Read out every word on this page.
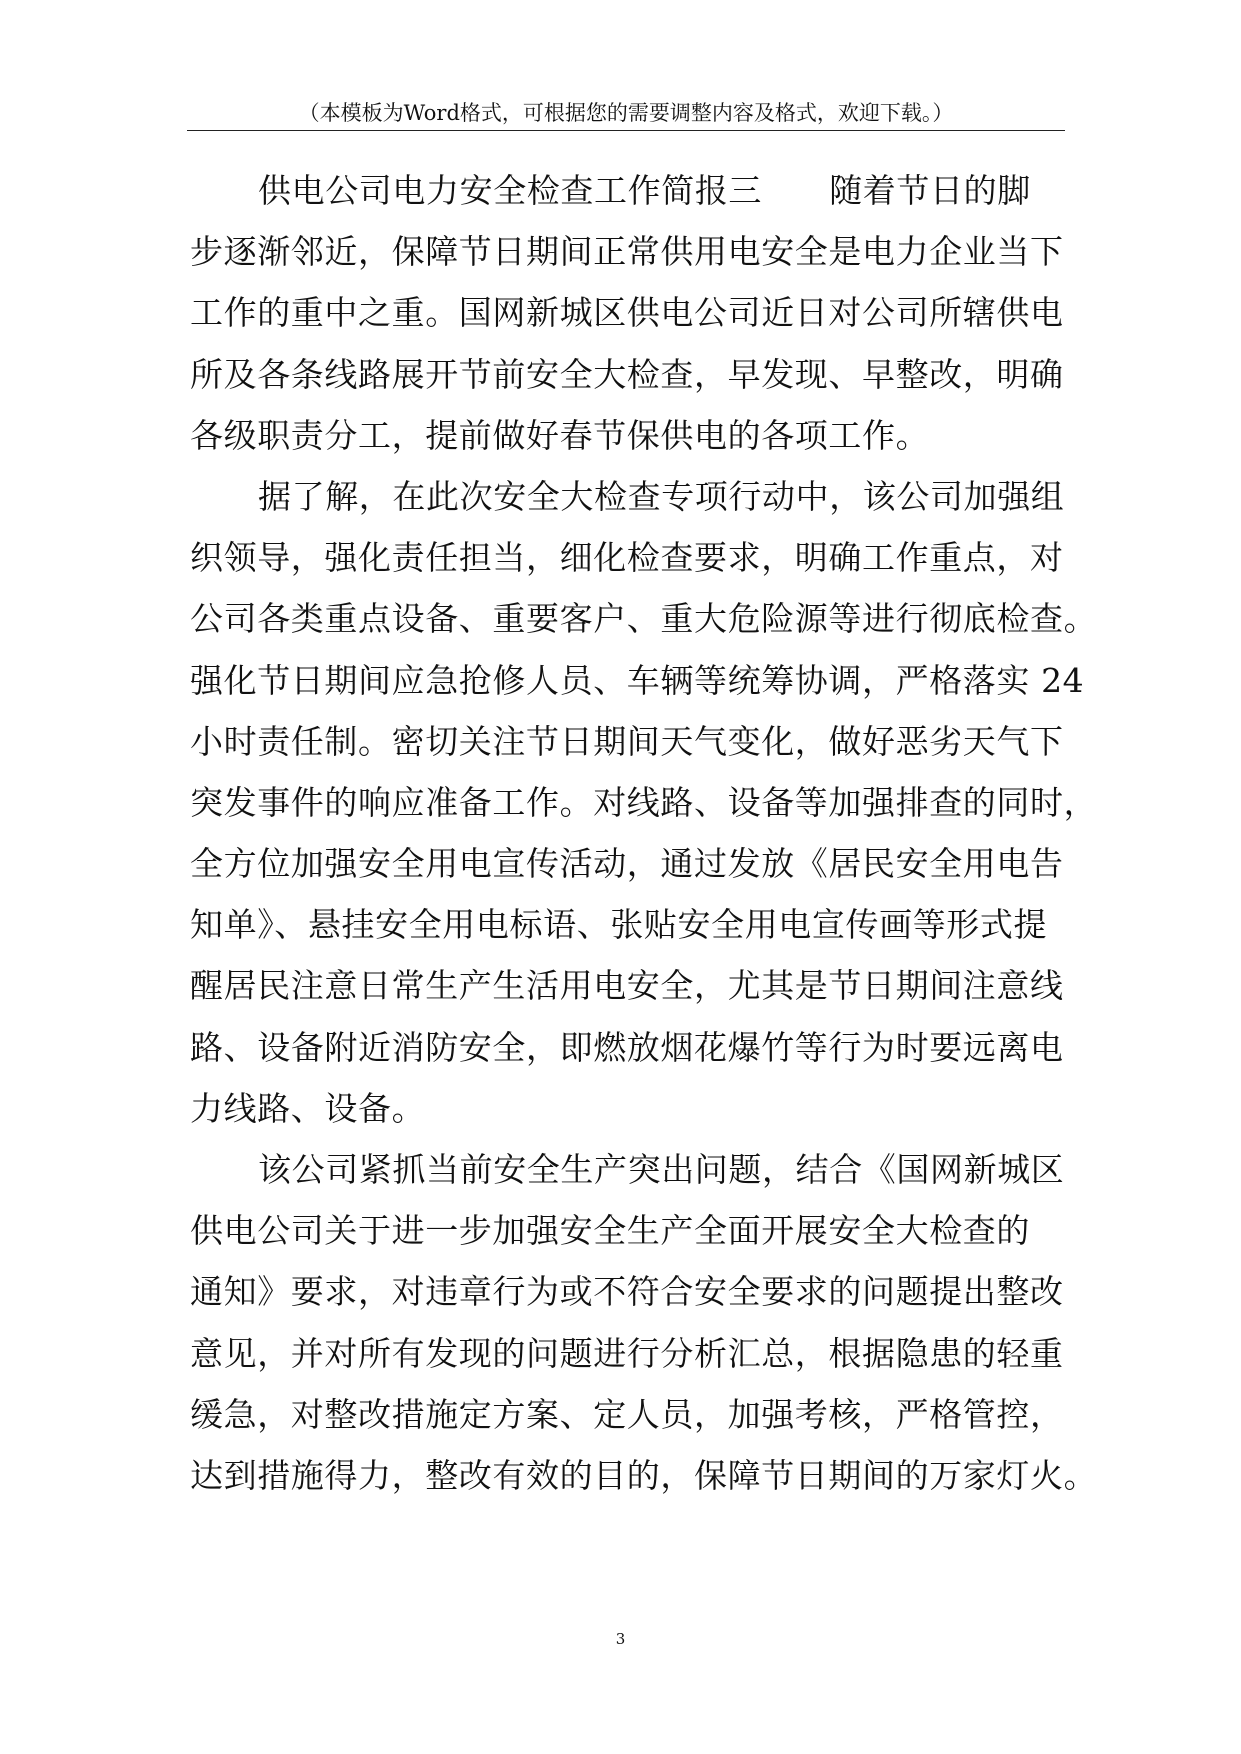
（本模板为Word格式，可根据您的需要调整内容及格式，欢迎下载。）
供电公司电力安全检查工作简报三　　随着节日的脚
步逐渐邻近，保障节日期间正常供用电安全是电力企业当下
工作的重中之重。国网新城区供电公司近日对公司所辖供电
所及各条线路展开节前安全大检查，早发现、早整改，明确
各级职责分工，提前做好春节保供电的各项工作。
据了解，在此次安全大检查专项行动中，该公司加强组
织领导，强化责任担当，细化检查要求，明确工作重点，对
公司各类重点设备、重要客户、重大危险源等进行彻底检查。
强化节日期间应急抢修人员、车辆等统筹协调，严格落实 24
小时责任制。密切关注节日期间天气变化，做好恶劣天气下
突发事件的响应准备工作。对线路、设备等加强排查的同时，
全方位加强安全用电宣传活动，通过发放《居民安全用电告
知单》、悬挂安全用电标语、张贴安全用电宣传画等形式提
醒居民注意日常生产生活用电安全，尤其是节日期间注意线
路、设备附近消防安全，即燃放烟花爆竹等行为时要远离电
力线路、设备。
该公司紧抓当前安全生产突出问题，结合《国网新城区
供电公司关于进一步加强安全生产全面开展安全大检查的
通知》要求，对违章行为或不符合安全要求的问题提出整改
意见，并对所有发现的问题进行分析汇总，根据隐患的轻重
缓急，对整改措施定方案、定人员，加强考核，严格管控，
达到措施得力，整改有效的目的，保障节日期间的万家灯火。
3
